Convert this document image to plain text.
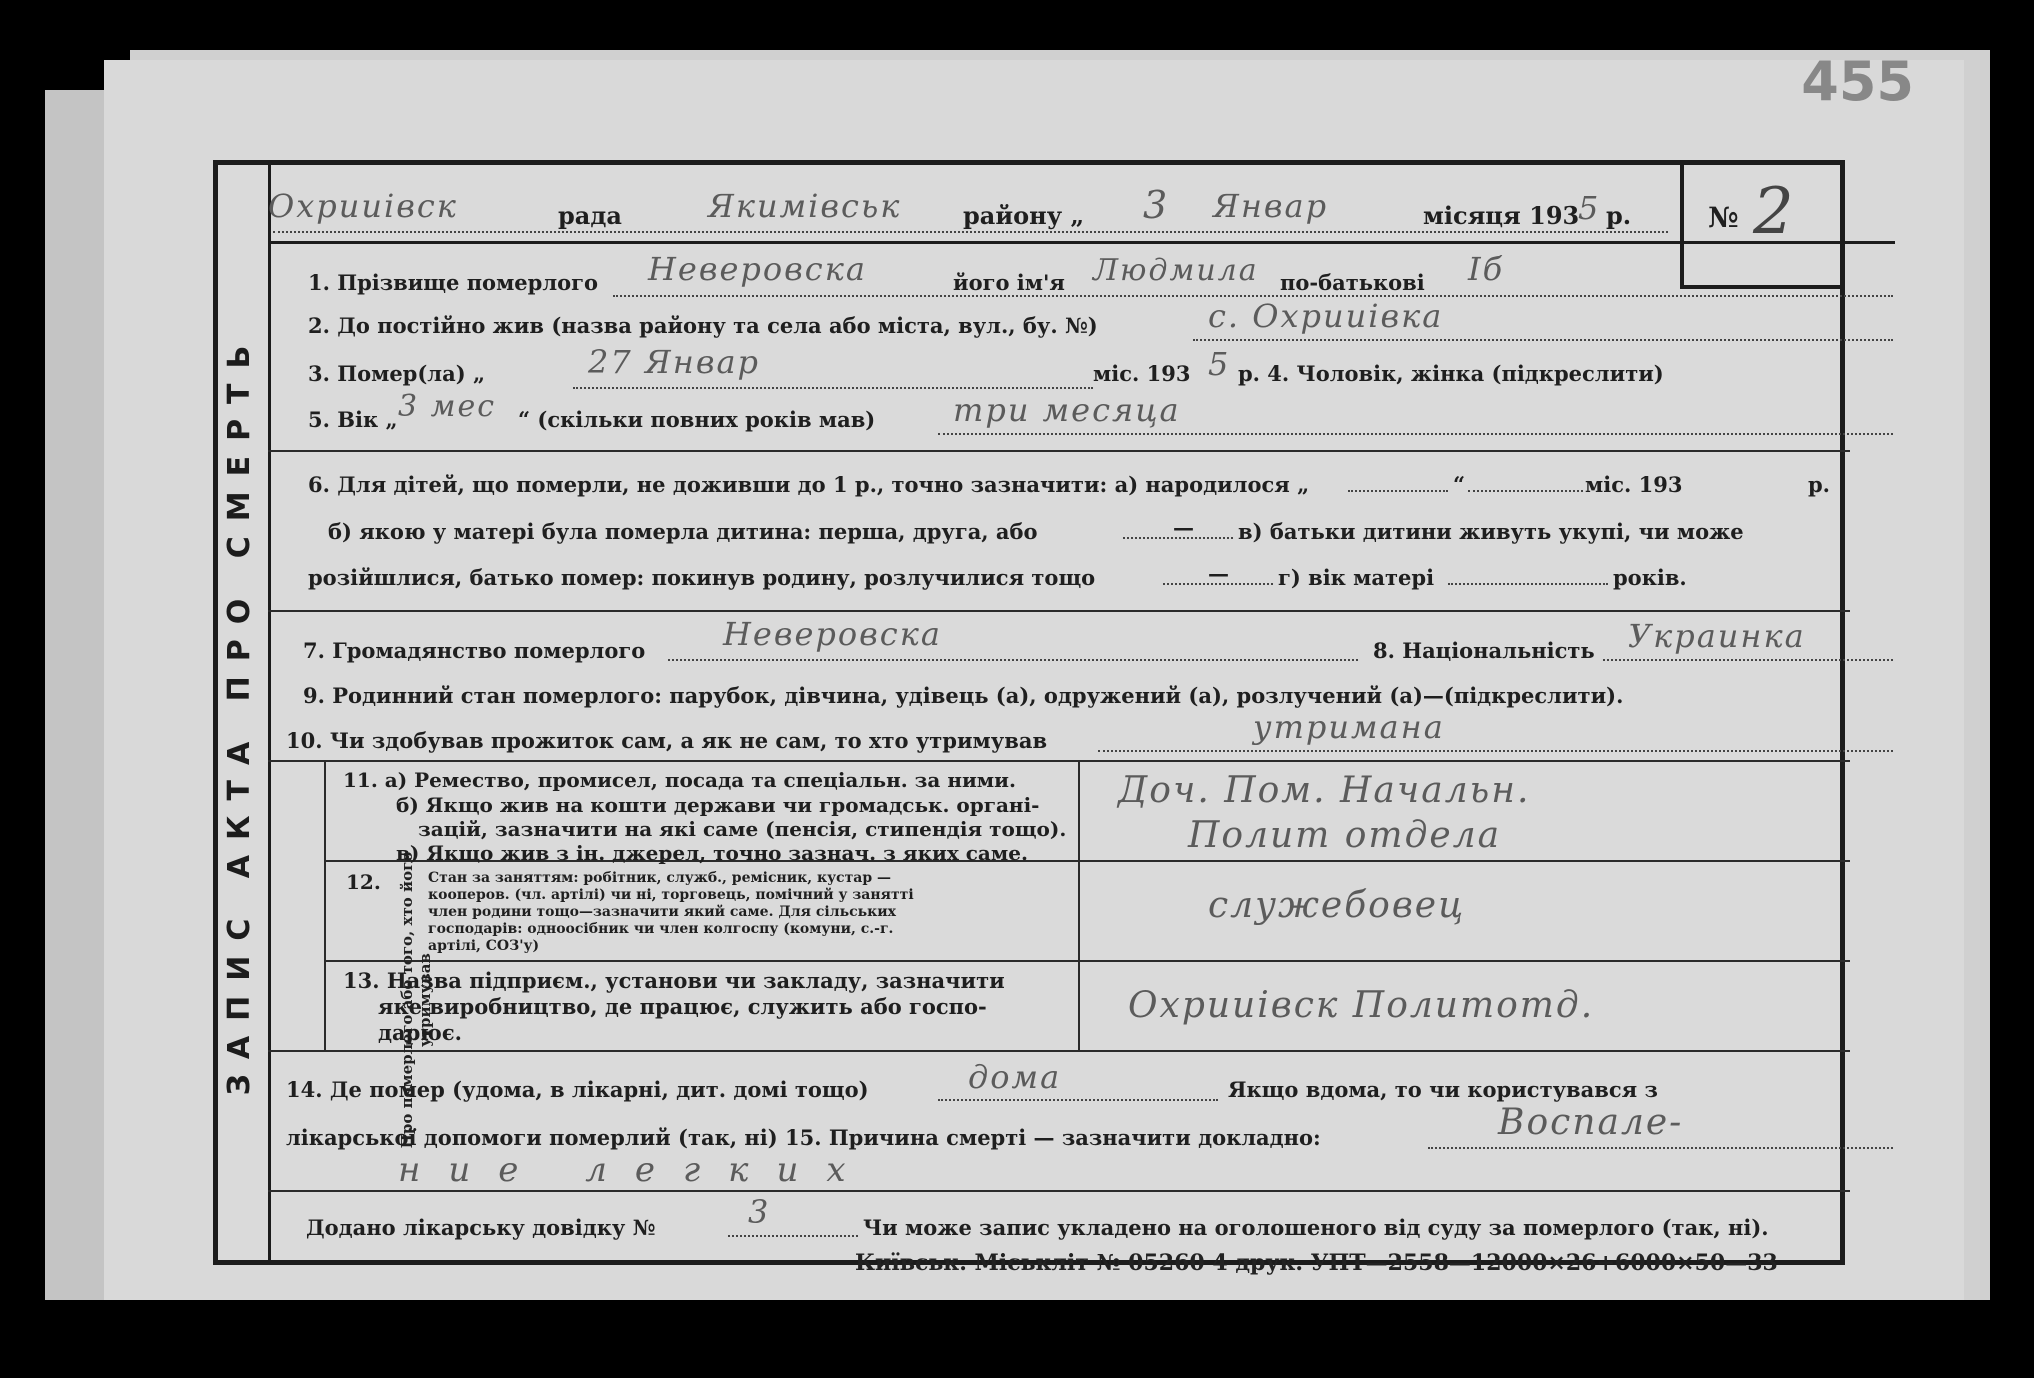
455
ЗАПИС АКТА ПРО СМЕРТЬ
Охрииівск	рада	Якимівськ	району „ 3 Январ	місяця 193
5 р.	№ 2
1. Прізвище померлого Неверовска	його ім'я Людмила по-батькові Іб
2. До постійно жив (назва району та села або міста, вул., бу. №)	с. Охрииівка
3. Помер(ла) „	27 Январ	міс. 193 5 р. 4. Чоловік, жінка (підкреслити)
5. Вік „ 3 мес “ (скільки повних років мав) три месяца
6. Для дітей, що померли, не доживши до 1 р., точно зазначити: а) народилося „	“	міс. 193	р.
б) якою у матері була померла дитина: перша, друга, або	— в) батьки дитини живуть укупі, чи може
розійшлися, батько помер: покинув родину, розлучилися тощо	— г) вік матері	років.
7. Громадянство померлого Неверовска	8. Національність Украинка
9. Родинний стан померлого: парубок, дівчина, удівець (а), одружений (а), розлучений (а)—(підкреслити).
10. Чи здобував прожиток сам, а як не сам, то хто утримував	утримана
Про померлого або того, хто його утримував
11. а) Ремество, промисел, посада та спеціальн. за ними.
б) Якщо жив на кошти держави чи громадськ. органі-
зацій, зазначити на які саме (пенсія, стипендія тощо).
в) Якщо жив з ін. джерел, точно зазнач. з яких саме.
Доч. Пом. Начальн.
Полит отдела
12.	Стан за заняттям: робітник, служб., ремісник, кустар —
кооперов. (чл. артілі) чи ні, торговець, помічний у занятті
член родини тощо—зазначити який саме. Для сільських
господарів: одноосібник чи член колгоспу (комуни, с.-г.
артілі, СОЗ'у)
служебовец
13. Назва підприєм., установи чи закладу, зазначити
яке виробництво, де працює, служить або госпо-
дарює.
Охрииівск Политотд.
14. Де помер (удома, в лікарні, дит. домі тощо)	дома	Якщо вдома, то чи користувався з
лікарської допомоги померлий (так, ні) 15. Причина смерті — зазначити докладно:	Воспале-
ние легких
Додано лікарську довідку №	3	Чи може запис укладено на оголошеного від суду за померлого (так, ні).
Київськ. Міськліт № 05260 4 друк. УПТ—2558—12000×26+6000×50—33
